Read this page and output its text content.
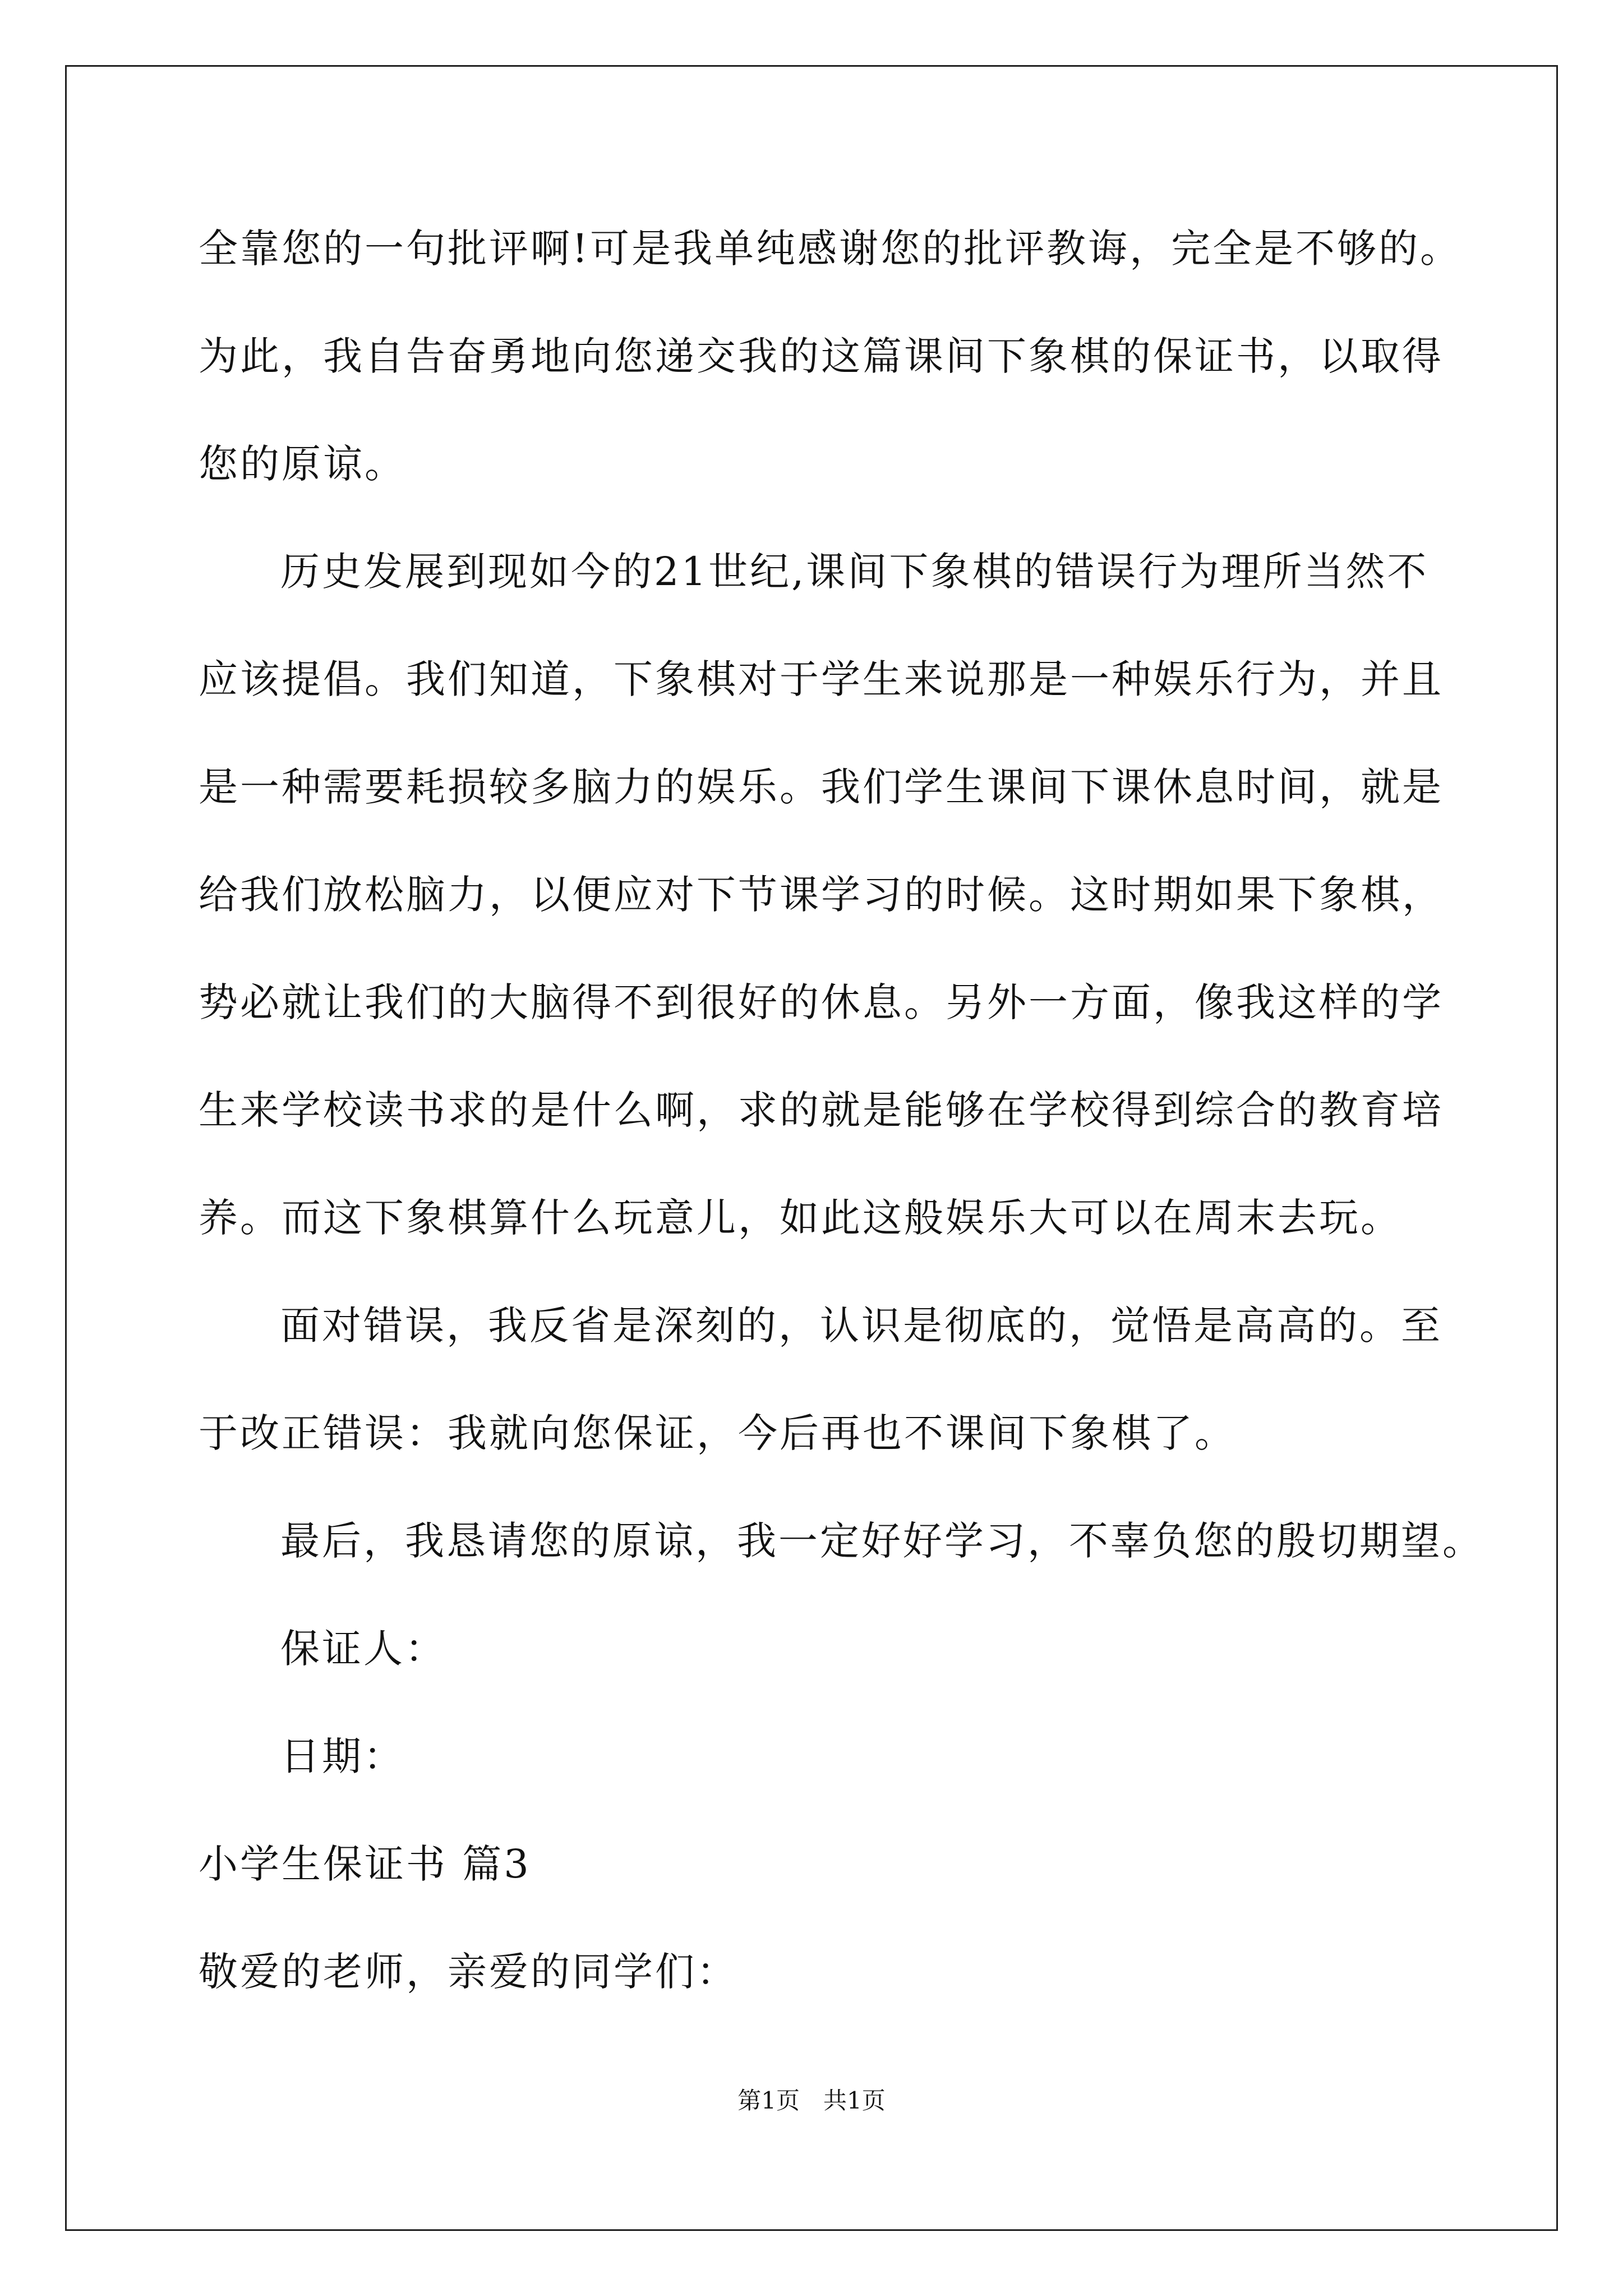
全靠您的一句批评啊!可是我单纯感谢您的批评教诲，完全是不够的。
为此，我自告奋勇地向您递交我的这篇课间下象棋的保证书，以取得
您的原谅。
历史发展到现如今的21世纪,课间下象棋的错误行为理所当然不
应该提倡。我们知道，下象棋对于学生来说那是一种娱乐行为，并且
是一种需要耗损较多脑力的娱乐。我们学生课间下课休息时间，就是
给我们放松脑力，以便应对下节课学习的时候。这时期如果下象棋，
势必就让我们的大脑得不到很好的休息。另外一方面，像我这样的学
生来学校读书求的是什么啊，求的就是能够在学校得到综合的教育培
养。而这下象棋算什么玩意儿，如此这般娱乐大可以在周末去玩。
面对错误，我反省是深刻的，认识是彻底的，觉悟是高高的。至
于改正错误：我就向您保证，今后再也不课间下象棋了。
最后，我恳请您的原谅，我一定好好学习，不辜负您的殷切期望。
保证人：
日期：
小学生保证书 篇3
敬爱的老师，亲爱的同学们：
第1页　共1页
